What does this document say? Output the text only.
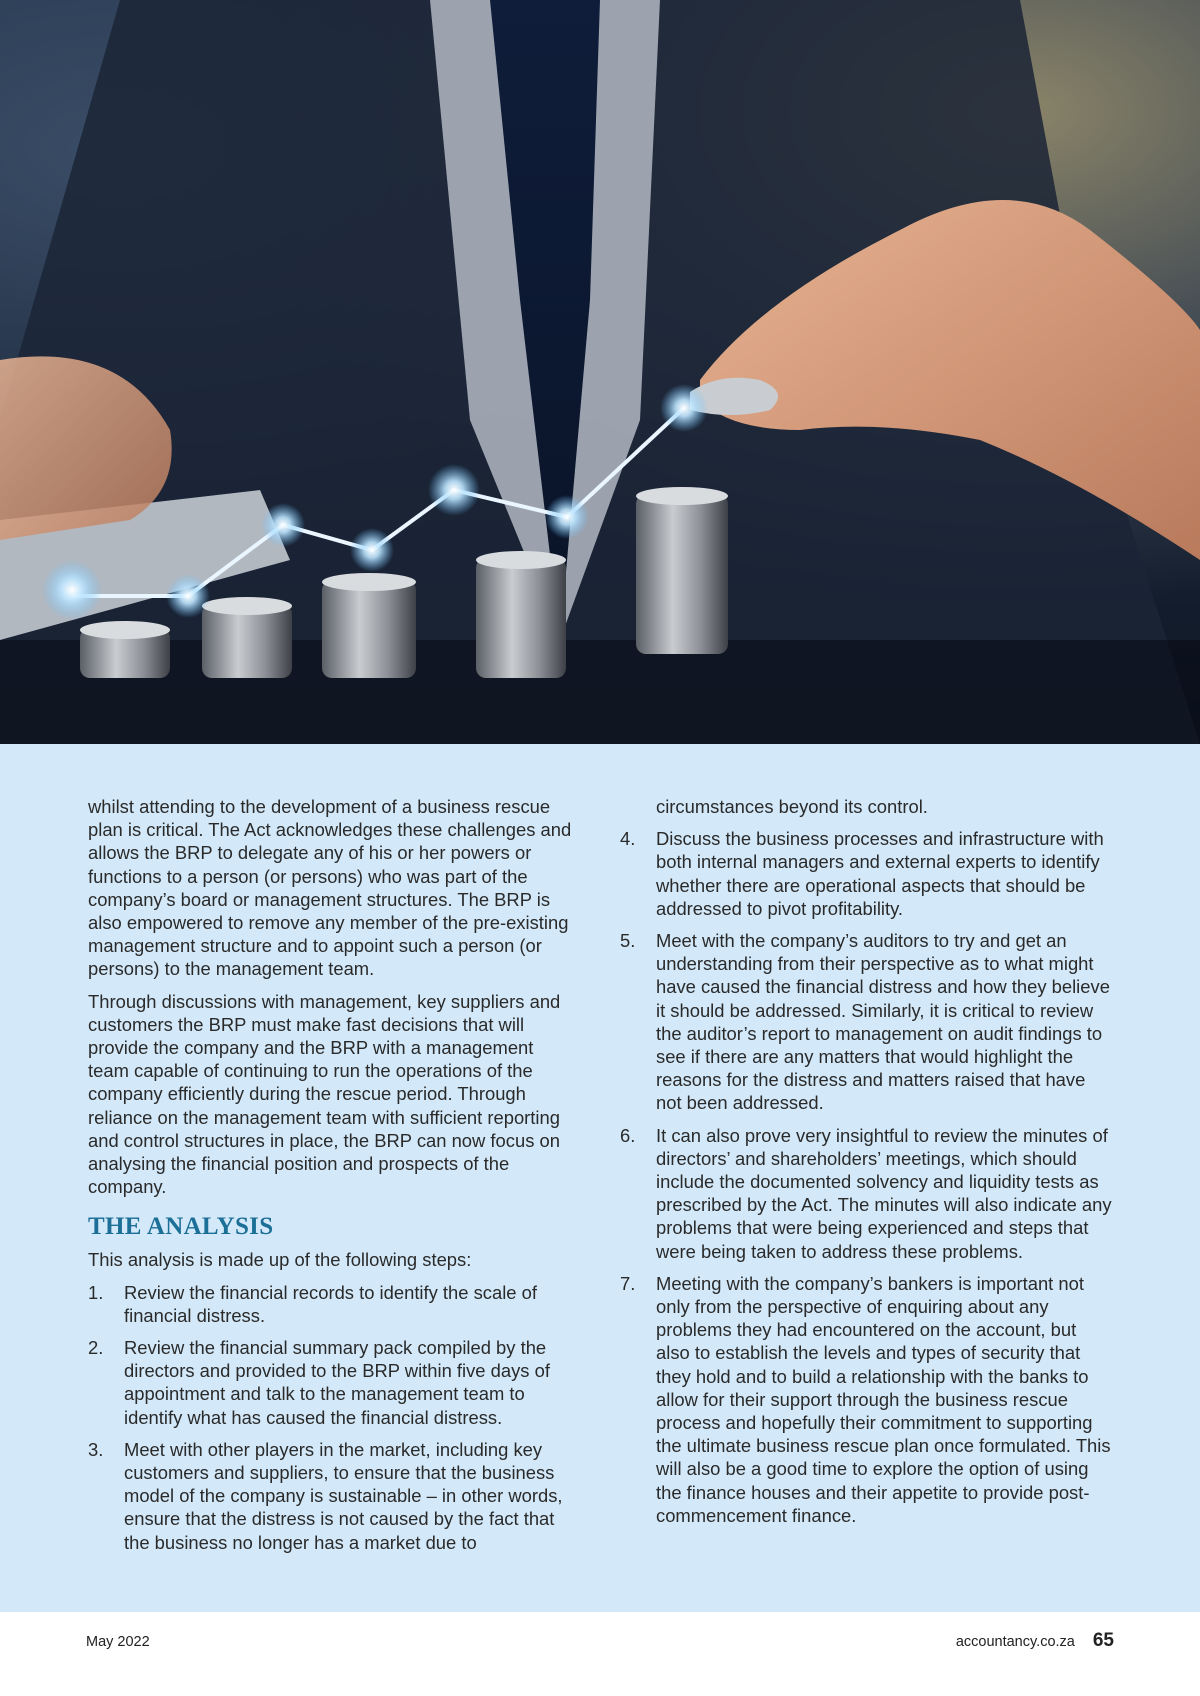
whilst attending to the development of a business rescue plan is critical. The Act acknowledges these challenges and allows the BRP to delegate any of his or her powers or functions to a person (or persons) who was part of the company’s board or management structures. The BRP is also empowered to remove any member of the pre-existing management structure and to appoint such a person (or persons) to the management team.

Through discussions with management, key suppliers and customers the BRP must make fast decisions that will provide the company and the BRP with a management team capable of continuing to run the operations of the company efficiently during the rescue period. Through reliance on the management team with sufficient reporting and control structures in place, the BRP can now focus on analysing the financial position and prospects of the company.

THE ANALYSIS

This analysis is made up of the following steps:

1. Review the financial records to identify the scale of financial distress.
2. Review the financial summary pack compiled by the directors and provided to the BRP within five days of appointment and talk to the management team to identify what has caused the financial distress.
3. Meet with other players in the market, including key customers and suppliers, to ensure that the business model of the company is sustainable – in other words, ensure that the distress is not caused by the fact that the business no longer has a market due to

circumstances beyond its control.

4. Discuss the business processes and infrastructure with both internal managers and external experts to identify whether there are operational aspects that should be addressed to pivot profitability.
5. Meet with the company’s auditors to try and get an understanding from their perspective as to what might have caused the financial distress and how they believe it should be addressed. Similarly, it is critical to review the auditor’s report to management on audit findings to see if there are any matters that would highlight the reasons for the distress and matters raised that have not been addressed.
6. It can also prove very insightful to review the minutes of directors’ and shareholders’ meetings, which should include the documented solvency and liquidity tests as prescribed by the Act. The minutes will also indicate any problems that were being experienced and steps that were being taken to address these problems.
7. Meeting with the company’s bankers is important not only from the perspective of enquiring about any problems they had encountered on the account, but also to establish the levels and types of security that they hold and to build a relationship with the banks to allow for their support through the business rescue process and hopefully their commitment to supporting the ultimate business rescue plan once formulated. This will also be a good time to explore the option of using the finance houses and their appetite to provide post-commencement finance.
May 2022	accountancy.co.za 65
